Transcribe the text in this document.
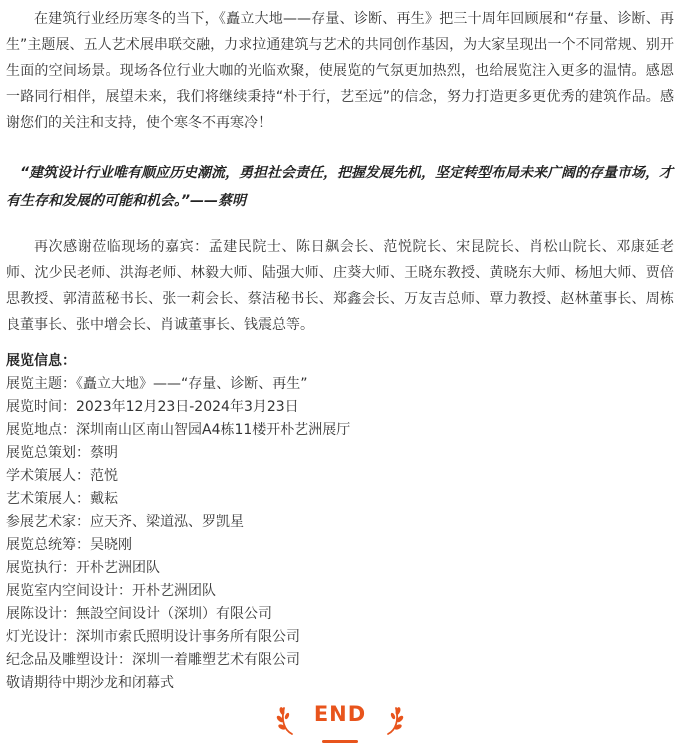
在建筑行业经历寒冬的当下，《矗立大地——存量、诊断、再生》把三十周年回顾展和“存量、诊断、再生”主题展、五人艺术展串联交融，力求拉通建筑与艺术的共同创作基因，为大家呈现出一个不同常规、别开生面的空间场景。现场各位行业大咖的光临欢聚，使展览的气氛更加热烈，也给展览注入更多的温情。感恩一路同行相伴，展望未来，我们将继续秉持“朴于行，艺至远”的信念，努力打造更多更优秀的建筑作品。感谢您们的关注和支持，使个寒冬不再寒冷！

“建筑设计行业唯有顺应历史潮流，勇担社会责任，把握发展先机，坚定转型布局未来广阔的存量市场，才有生存和发展的可能和机会。”——蔡明

再次感谢莅临现场的嘉宾：孟建民院士、陈日飙会长、范悦院长、宋昆院长、肖松山院长、邓康延老师、沈少民老师、洪海老师、林毅大师、陆强大师、庄葵大师、王晓东教授、黄晓东大师、杨旭大师、贾倍思教授、郭清蓝秘书长、张一莉会长、蔡洁秘书长、郑鑫会长、万友吉总师、覃力教授、赵林董事长、周栋良董事长、张中增会长、肖诚董事长、钱震总等。

展览信息：

展览主题：《矗立大地》——“存量、诊断、再生”
展览时间：2023年12月23日-2024年3月23日
展览地点：深圳南山区南山智园A4栋11楼开朴艺洲展厅
展览总策划：蔡明
学术策展人：范悦
艺术策展人：戴耘
参展艺术家：应天齐、梁道泓、罗凯星
展览总统筹：吴晓刚
展览执行：开朴艺洲团队
展览室内空间设计：开朴艺洲团队
展陈设计：無設空间设计（深圳）有限公司
灯光设计：深圳市索氏照明设计事务所有限公司
纪念品及雕塑设计：深圳一着雕塑艺术有限公司
敬请期待中期沙龙和闭幕式
END
